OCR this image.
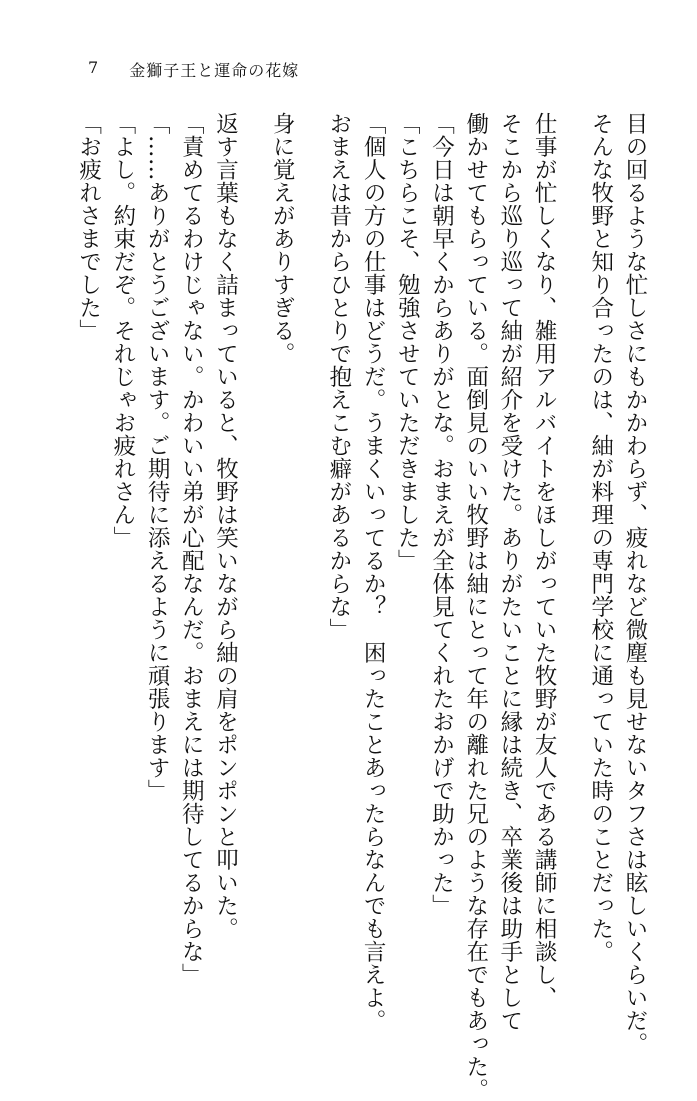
7 金獅子王と運命の花嫁

目の回るような忙しさにもかかわらず、疲れなど微塵も見せないタフさは眩しいくらいだ。

そんな牧野と知り合ったのは、紬が料理の専門学校に通っていた時のことだった。

仕事が忙しくなり、雑用アルバイトをほしがっていた牧野が友人である講師に相談し、

そこから巡り巡って紬が紹介を受けた。ありがたいことに縁は続き、卒業後は助手として

働かせてもらっている。面倒見のいい牧野は紬にとって年の離れた兄のような存在でもあった。

「今日は朝早くからありがとな。おまえが全体見てくれたおかげで助かった」

「こちらこそ、勉強させていただきました」

「個人の方の仕事はどうだ。うまくいってるか？　困ったことあったらなんでも言えよ。

おまえは昔からひとりで抱えこむ癖があるからな」

身に覚えがありすぎる。

返す言葉もなく詰まっていると、牧野は笑いながら紬の肩をポンポンと叩いた。

「責めてるわけじゃない。かわいい弟が心配なんだ。おまえには期待してるからな」

「……ありがとうございます。ご期待に添えるように頑張ります」

「よし。約束だぞ。それじゃお疲れさん」

「お疲れさまでした」
